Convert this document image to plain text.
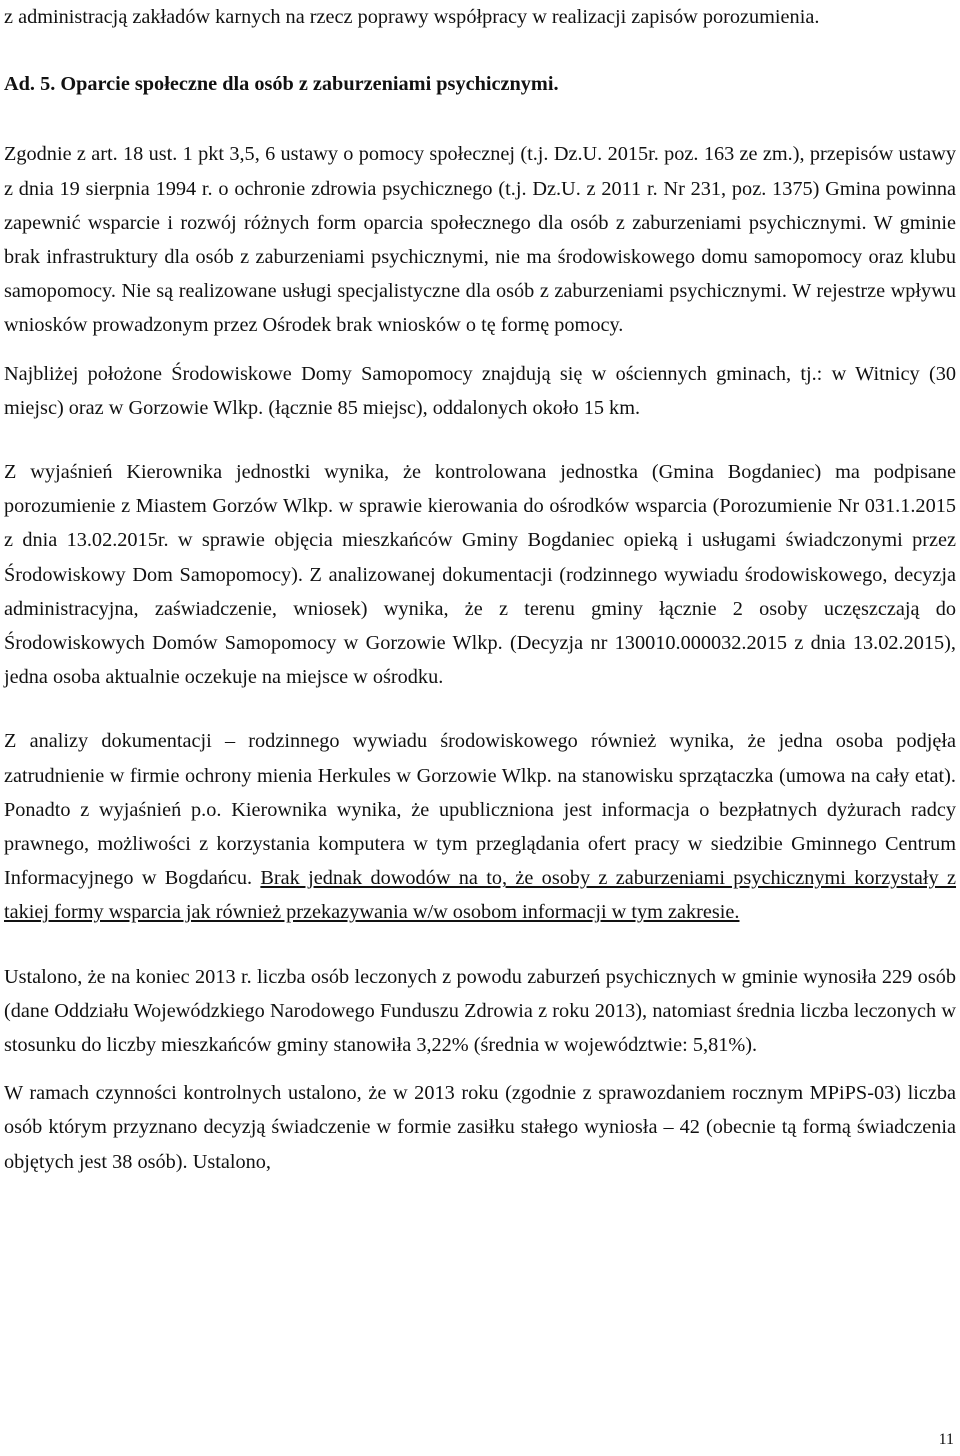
z administracją zakładów karnych na rzecz poprawy współpracy w realizacji zapisów porozumienia.

Ad. 5. Oparcie społeczne dla osób z zaburzeniami psychicznymi.

Zgodnie z art. 18 ust. 1 pkt 3,5, 6 ustawy o pomocy społecznej (t.j. Dz.U. 2015r. poz. 163 ze zm.), przepisów ustawy z dnia 19 sierpnia 1994 r. o ochronie zdrowia psychicznego (t.j. Dz.U. z 2011 r. Nr 231, poz. 1375) Gmina powinna zapewnić wsparcie i rozwój różnych form oparcia społecznego dla osób z zaburzeniami psychicznymi. W gminie brak infrastruktury dla osób z zaburzeniami psychicznymi, nie ma środowiskowego domu samopomocy oraz klubu samopomocy. Nie są realizowane usługi specjalistyczne dla osób z zaburzeniami psychicznymi. W rejestrze wpływu wniosków prowadzonym przez Ośrodek brak wniosków o tę formę pomocy.

Najbliżej położone Środowiskowe Domy Samopomocy znajdują się w ościennych gminach, tj.: w Witnicy (30 miejsc) oraz w Gorzowie Wlkp. (łącznie 85 miejsc), oddalonych około 15 km.

Z wyjaśnień Kierownika jednostki wynika, że kontrolowana jednostka (Gmina Bogdaniec) ma podpisane porozumienie z Miastem Gorzów Wlkp. w sprawie kierowania do ośrodków wsparcia (Porozumienie Nr 031.1.2015 z dnia 13.02.2015r. w sprawie objęcia mieszkańców Gminy Bogdaniec opieką i usługami świadczonymi przez Środowiskowy Dom Samopomocy). Z analizowanej dokumentacji (rodzinnego wywiadu środowiskowego, decyzja administracyjna, zaświadczenie, wniosek) wynika, że z terenu gminy łącznie 2 osoby uczęszczają do Środowiskowych Domów Samopomocy w Gorzowie Wlkp. (Decyzja nr 130010.000032.2015 z dnia 13.02.2015), jedna osoba aktualnie oczekuje na miejsce w ośrodku.

Z analizy dokumentacji – rodzinnego wywiadu środowiskowego również wynika, że jedna osoba podjęła zatrudnienie w firmie ochrony mienia Herkules w Gorzowie Wlkp. na stanowisku sprzątaczka (umowa na cały etat). Ponadto z wyjaśnień p.o. Kierownika wynika, że upubliczniona jest informacja o bezpłatnych dyżurach radcy prawnego, możliwości z korzystania komputera w tym przeglądania ofert pracy w siedzibie Gminnego Centrum Informacyjnego w Bogdańcu. Brak jednak dowodów na to, że osoby z zaburzeniami psychicznymi korzystały z takiej formy wsparcia jak również przekazywania w/w osobom informacji w tym zakresie.

Ustalono, że na koniec 2013 r. liczba osób leczonych z powodu zaburzeń psychicznych w gminie wynosiła 229 osób (dane Oddziału Wojewódzkiego Narodowego Funduszu Zdrowia z roku 2013), natomiast średnia liczba leczonych w stosunku do liczby mieszkańców gminy stanowiła 3,22% (średnia w województwie: 5,81%).

W ramach czynności kontrolnych ustalono, że w 2013 roku (zgodnie z sprawozdaniem rocznym MPiPS-03) liczba osób którym przyznano decyzją świadczenie w formie zasiłku stałego wyniosła – 42 (obecnie tą formą świadczenia objętych jest 38 osób). Ustalono,

11
